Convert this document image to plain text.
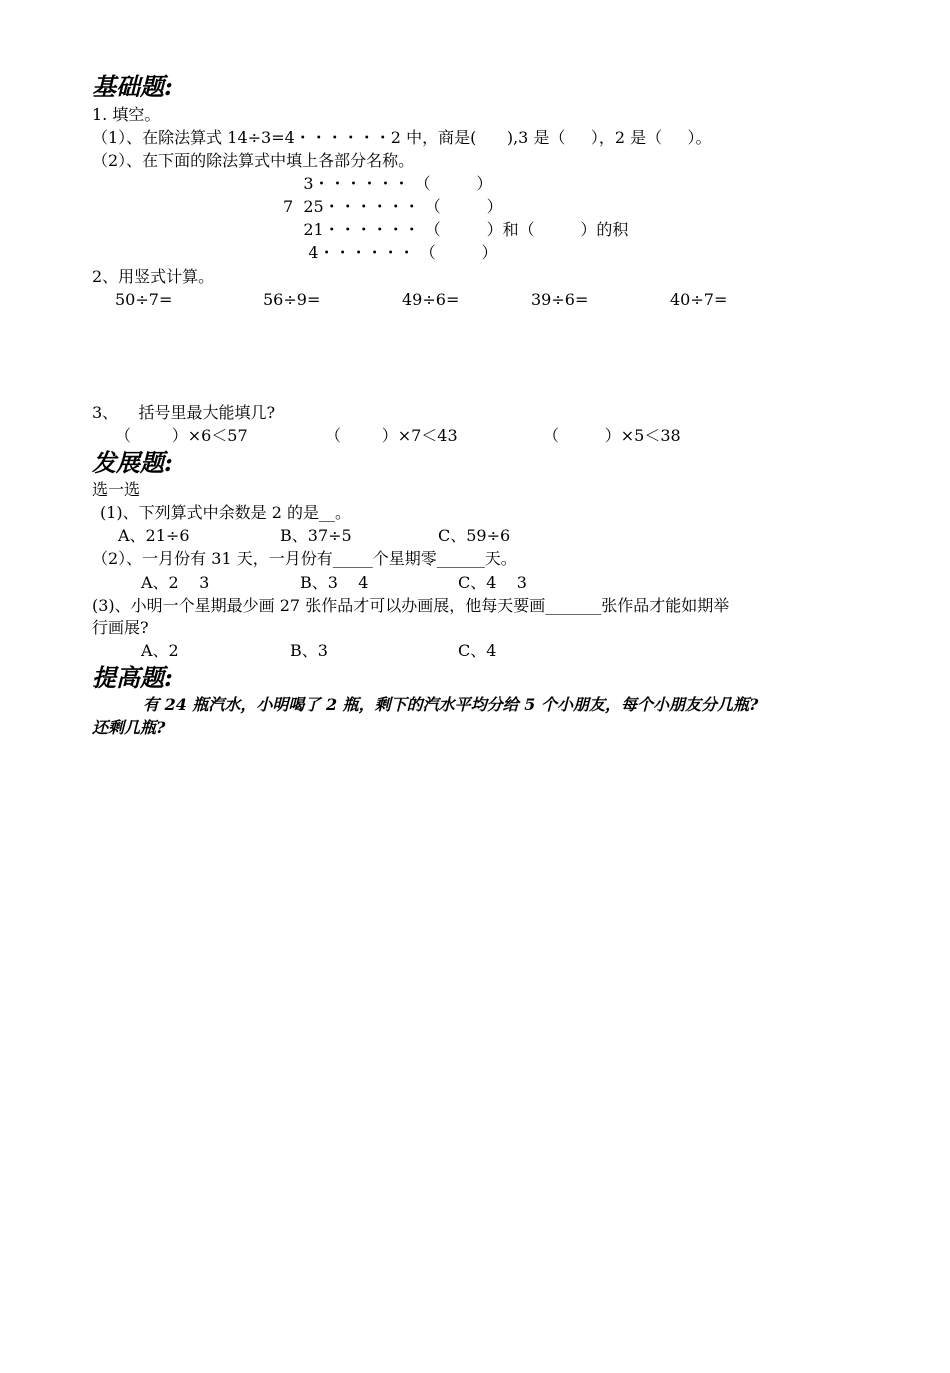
基础题:
1. 填空。
（1）、在除法算式 14÷3=4・・・・・・2 中，商是(      ),3 是（     ），2 是（     ）。
（2）、在下面的除法算式中填上各部分名称。
3・・・・・・ （         ）
7  25・・・・・・ （         ）
21・・・・・・ （         ）和（         ）的积
4・・・・・・ （         ）
2、用竖式计算。
50÷7=	56÷9=	49÷6=	39÷6=	40÷7=
3、    括号里最大能填几?
（        ）×6＜57	（        ）×7＜43	（         ）×5＜38
发展题:
选一选
(1)、下列算式中余数是 2 的是__。
A、21÷6	B、37÷5	C、59÷6
（2）、一月份有 31 天，一月份有_____个星期零______天。
A、2    3	B、3    4	C、4    3
(3)、小明一个星期最少画 27 张作品才可以办画展，他每天要画_______张作品才能如期举
行画展?
A、2	B、3	C、4
提高题:
有 24 瓶汽水，小明喝了 2 瓶，剩下的汽水平均分给 5 个小朋友，每个小朋友分几瓶?
还剩几瓶?
